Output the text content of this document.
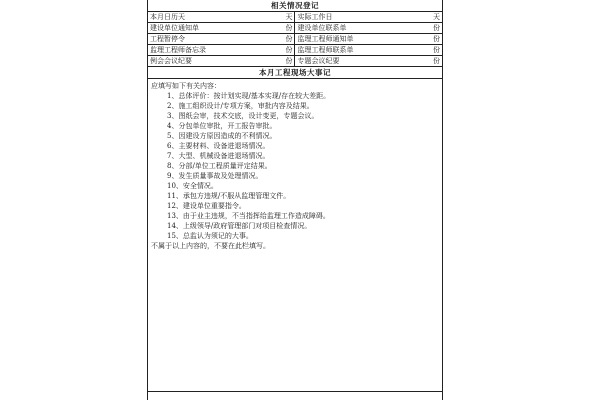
相关情况登记
本月日历天	天	实际工作日	天
建设单位通知单	份	建设单位联系单	份
工程暂停令	份	监理工程师通知单	份
监理工程师备忘录	份	监理工程师联系单	份
例会会议纪要	份	专题会议纪要	份
本月工程现场大事记

应填写如下有关内容：

1、总体评价：按计划实现/基本实现/存在较大差距。
2、施工组织设计/专项方案，审批内容及结果。
3、图纸会审，技术交底，设计变更，专题会议。
4、分包单位审批，开工报告审批。
5、因建设方原因造成的不利情况。
6、主要材料、设备进退场情况。
7、大型、机械设备进退场情况。
8、分部/单位工程质量评定结果。
9、发生质量事故及处理情况。
10、安全情况。
11、承包方违规/不服从监理管理文件。
12、建设单位重要指令。
13、由于业主违规，不当指挥给监理工作造成障碍。
14、上级领导/政府管理部门对项目检查情况。
15、总监认为须记的大事。

不属于以上内容的，不要在此栏填写。
